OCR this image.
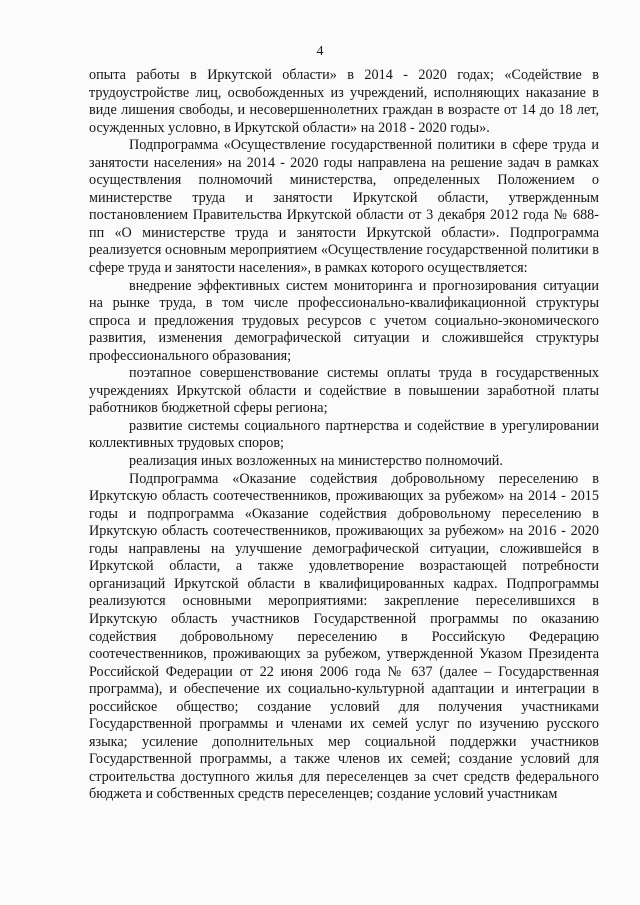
4

опыта работы в Иркутской области» в 2014 - 2020 годах; «Содействие в трудоустройстве лиц, освобожденных из учреждений, исполняющих наказание в виде лишения свободы, и несовершеннолетних граждан в возрасте от 14 до 18 лет, осужденных условно, в Иркутской области» на 2018 - 2020 годы».

Подпрограмма «Осуществление государственной политики в сфере труда и занятости населения» на 2014 - 2020 годы направлена на решение задач в рамках осуществления полномочий министерства, определенных Положением о министерстве труда и занятости Иркутской области, утвержденным постановлением Правительства Иркутской области от 3 декабря 2012 года № 688-пп «О министерстве труда и занятости Иркутской области». Подпрограмма реализуется основным мероприятием «Осуществление государственной политики в сфере труда и занятости населения», в рамках которого осуществляется:

внедрение эффективных систем мониторинга и прогнозирования ситуации на рынке труда, в том числе профессионально-квалификационной структуры спроса и предложения трудовых ресурсов с учетом социально-экономического развития, изменения демографической ситуации и сложившейся структуры профессионального образования;

поэтапное совершенствование системы оплаты труда в государственных учреждениях Иркутской области и содействие в повышении заработной платы работников бюджетной сферы региона;

развитие системы социального партнерства и содействие в урегулировании коллективных трудовых споров;

реализация иных возложенных на министерство полномочий.

Подпрограмма «Оказание содействия добровольному переселению в Иркутскую область соотечественников, проживающих за рубежом» на 2014 - 2015 годы и подпрограмма «Оказание содействия добровольному переселению в Иркутскую область соотечественников, проживающих за рубежом» на 2016 - 2020 годы направлены на улучшение демографической ситуации, сложившейся в Иркутской области, а также удовлетворение возрастающей потребности организаций Иркутской области в квалифицированных кадрах. Подпрограммы реализуются основными мероприятиями: закрепление переселившихся в Иркутскую область участников Государственной программы по оказанию содействия добровольному переселению в Российскую Федерацию соотечественников, проживающих за рубежом, утвержденной Указом Президента Российской Федерации от 22 июня 2006 года № 637 (далее – Государственная программа), и обеспечение их социально-культурной адаптации и интеграции в российское общество; создание условий для получения участниками Государственной программы и членами их семей услуг по изучению русского языка; усиление дополнительных мер социальной поддержки участников Государственной программы, а также членов их семей; создание условий для строительства доступного жилья для переселенцев за счет средств федерального бюджета и собственных средств переселенцев; создание условий участникам
